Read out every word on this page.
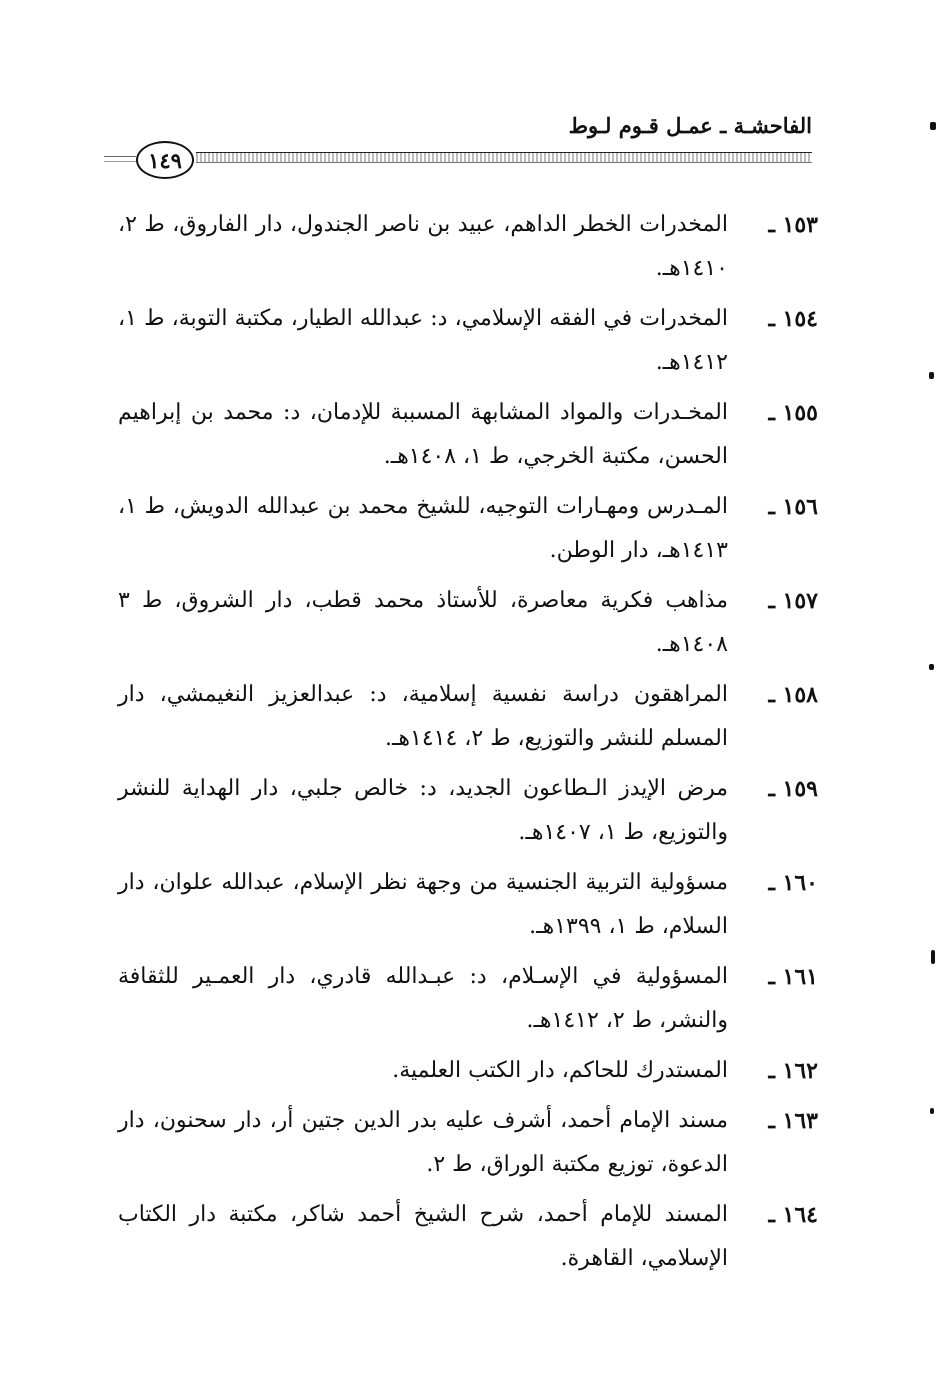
الفاحشـة ـ عمـل قـوم لـوط
١٤٩
١٥٣ ـ
المخدرات الخطر الداهم، عبيد بن ناصر الجندول، دار الفاروق، ط ٢، ١٤١٠هـ.
١٥٤ ـ
المخدرات في الفقه الإسلامي، د: عبدالله الطيار، مكتبة التوبة، ط ١، ١٤١٢هـ.
١٥٥ ـ
المخـدرات والمواد المشابهة المسببة للإدمان، د: محمد بن إبراهيم الحسن، مكتبة الخرجي، ط ١، ١٤٠٨هـ.
١٥٦ ـ
المـدرس ومهـارات التوجيه، للشيخ محمد بن عبدالله الدويش، ط ١، ١٤١٣هـ، دار الوطن.
١٥٧ ـ
مذاهب فكرية معاصرة، للأستاذ محمد قطب، دار الشروق، ط ٣ ١٤٠٨هـ.
١٥٨ ـ
المراهقون دراسة نفسية إسلامية، د: عبدالعزيز النغيمشي، دار المسلم للنشر والتوزيع، ط ٢، ١٤١٤هـ.
١٥٩ ـ
مرض الإيدز الـطاعون الجديد، د: خالص جلبي، دار الهداية للنشر والتوزيع، ط ١، ١٤٠٧هـ.
١٦٠ ـ
مسؤولية التربية الجنسية من وجهة نظر الإسلام، عبدالله علوان، دار السلام، ط ١، ١٣٩٩هـ.
١٦١ ـ
المسؤولية في الإسـلام، د: عبـدالله قادري، دار العمـير للثقافة والنشر، ط ٢، ١٤١٢هـ.
١٦٢ ـ
المستدرك للحاكم، دار الكتب العلمية.
١٦٣ ـ
مسند الإمام أحمد، أشرف عليه بدر الدين جتين أر، دار سحنون، دار الدعوة، توزيع مكتبة الوراق، ط ٢.
١٦٤ ـ
المسند للإمام أحمد، شرح الشيخ أحمد شاكر، مكتبة دار الكتاب الإسلامي، القاهرة.
